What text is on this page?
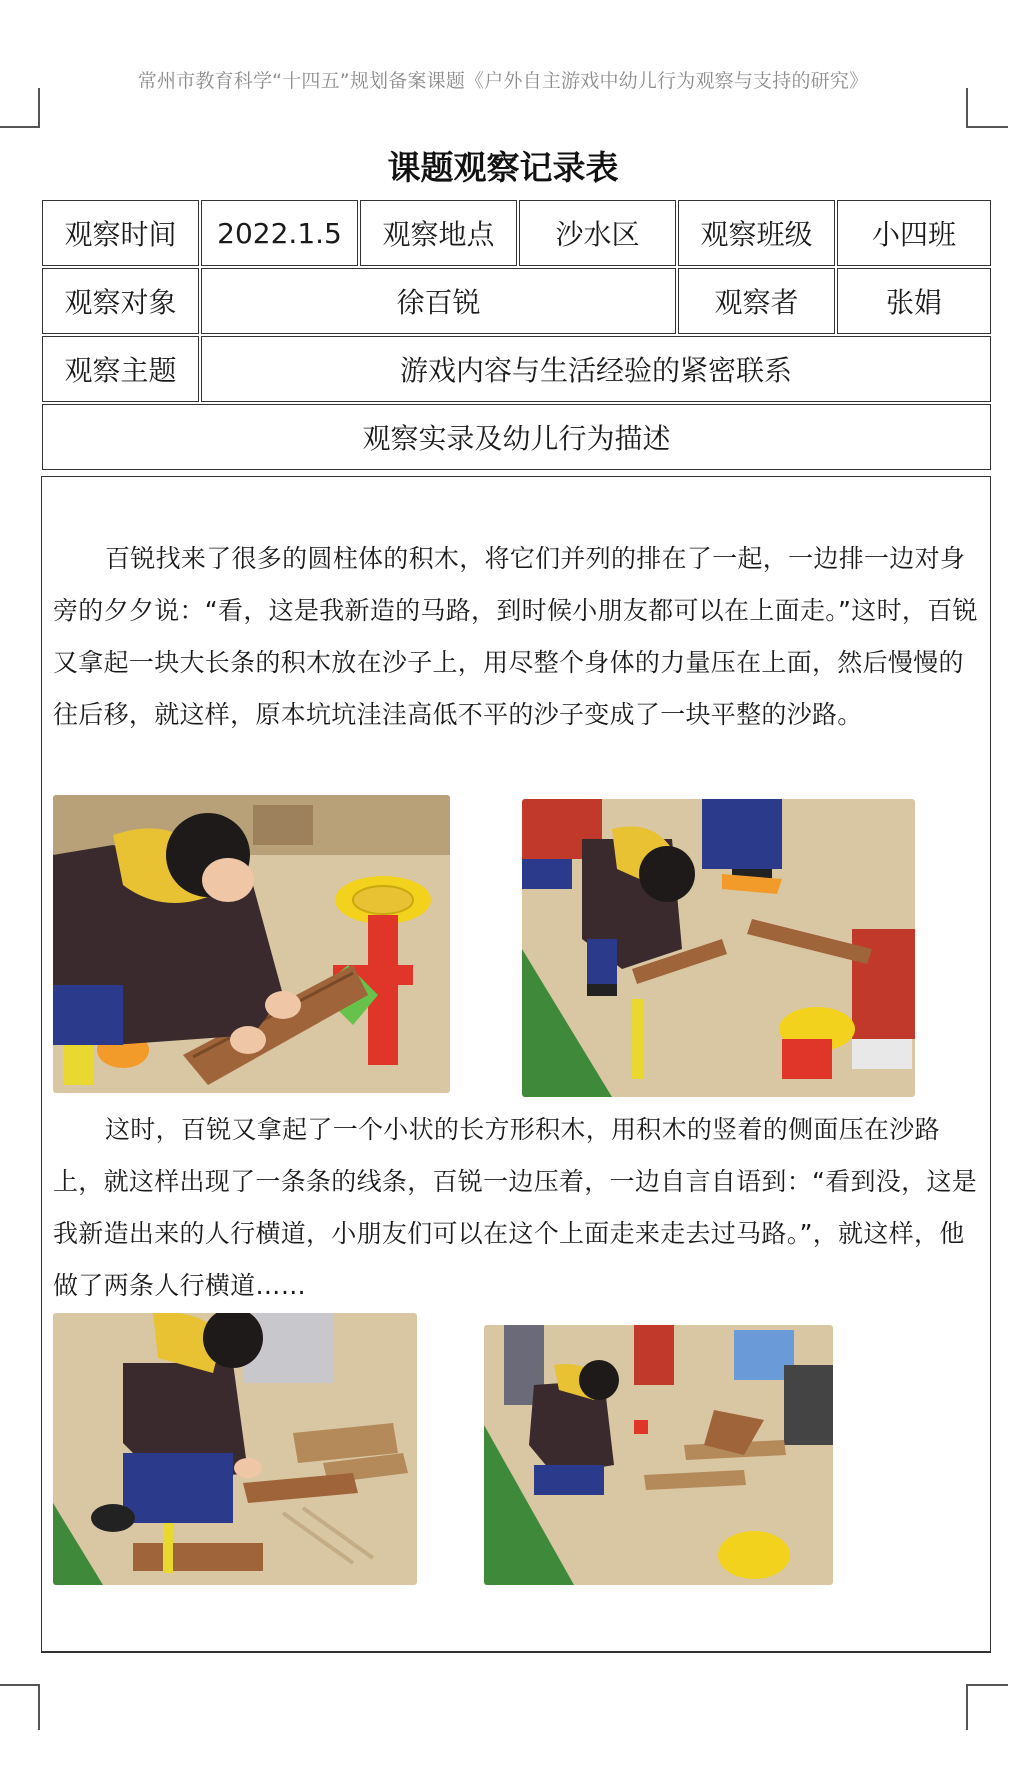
常州市教育科学“十四五”规划备案课题《户外自主游戏中幼儿行为观察与支持的研究》
课题观察记录表
观察时间	2022.1.5	观察地点	沙水区	观察班级	小四班
观察对象	徐百锐			观察者	张娟
观察主题	游戏内容与生活经验的紧密联系				
观察实录及幼儿行为描述					
百锐找来了很多的圆柱体的积木，将它们并列的排在了一起，一边排一边对身旁的夕夕说：“看，这是我新造的马路，到时候小朋友都可以在上面走。”这时，百锐又拿起一块大长条的积木放在沙子上，用尽整个身体的力量压在上面，然后慢慢的往后移，就这样，原本坑坑洼洼高低不平的沙子变成了一块平整的沙路。
这时，百锐又拿起了一个小状的长方形积木，用积木的竖着的侧面压在沙路上，就这样出现了一条条的线条，百锐一边压着，一边自言自语到：“看到没，这是我新造出来的人行横道，小朋友们可以在这个上面走来走去过马路。”，就这样，他做了两条人行横道……
